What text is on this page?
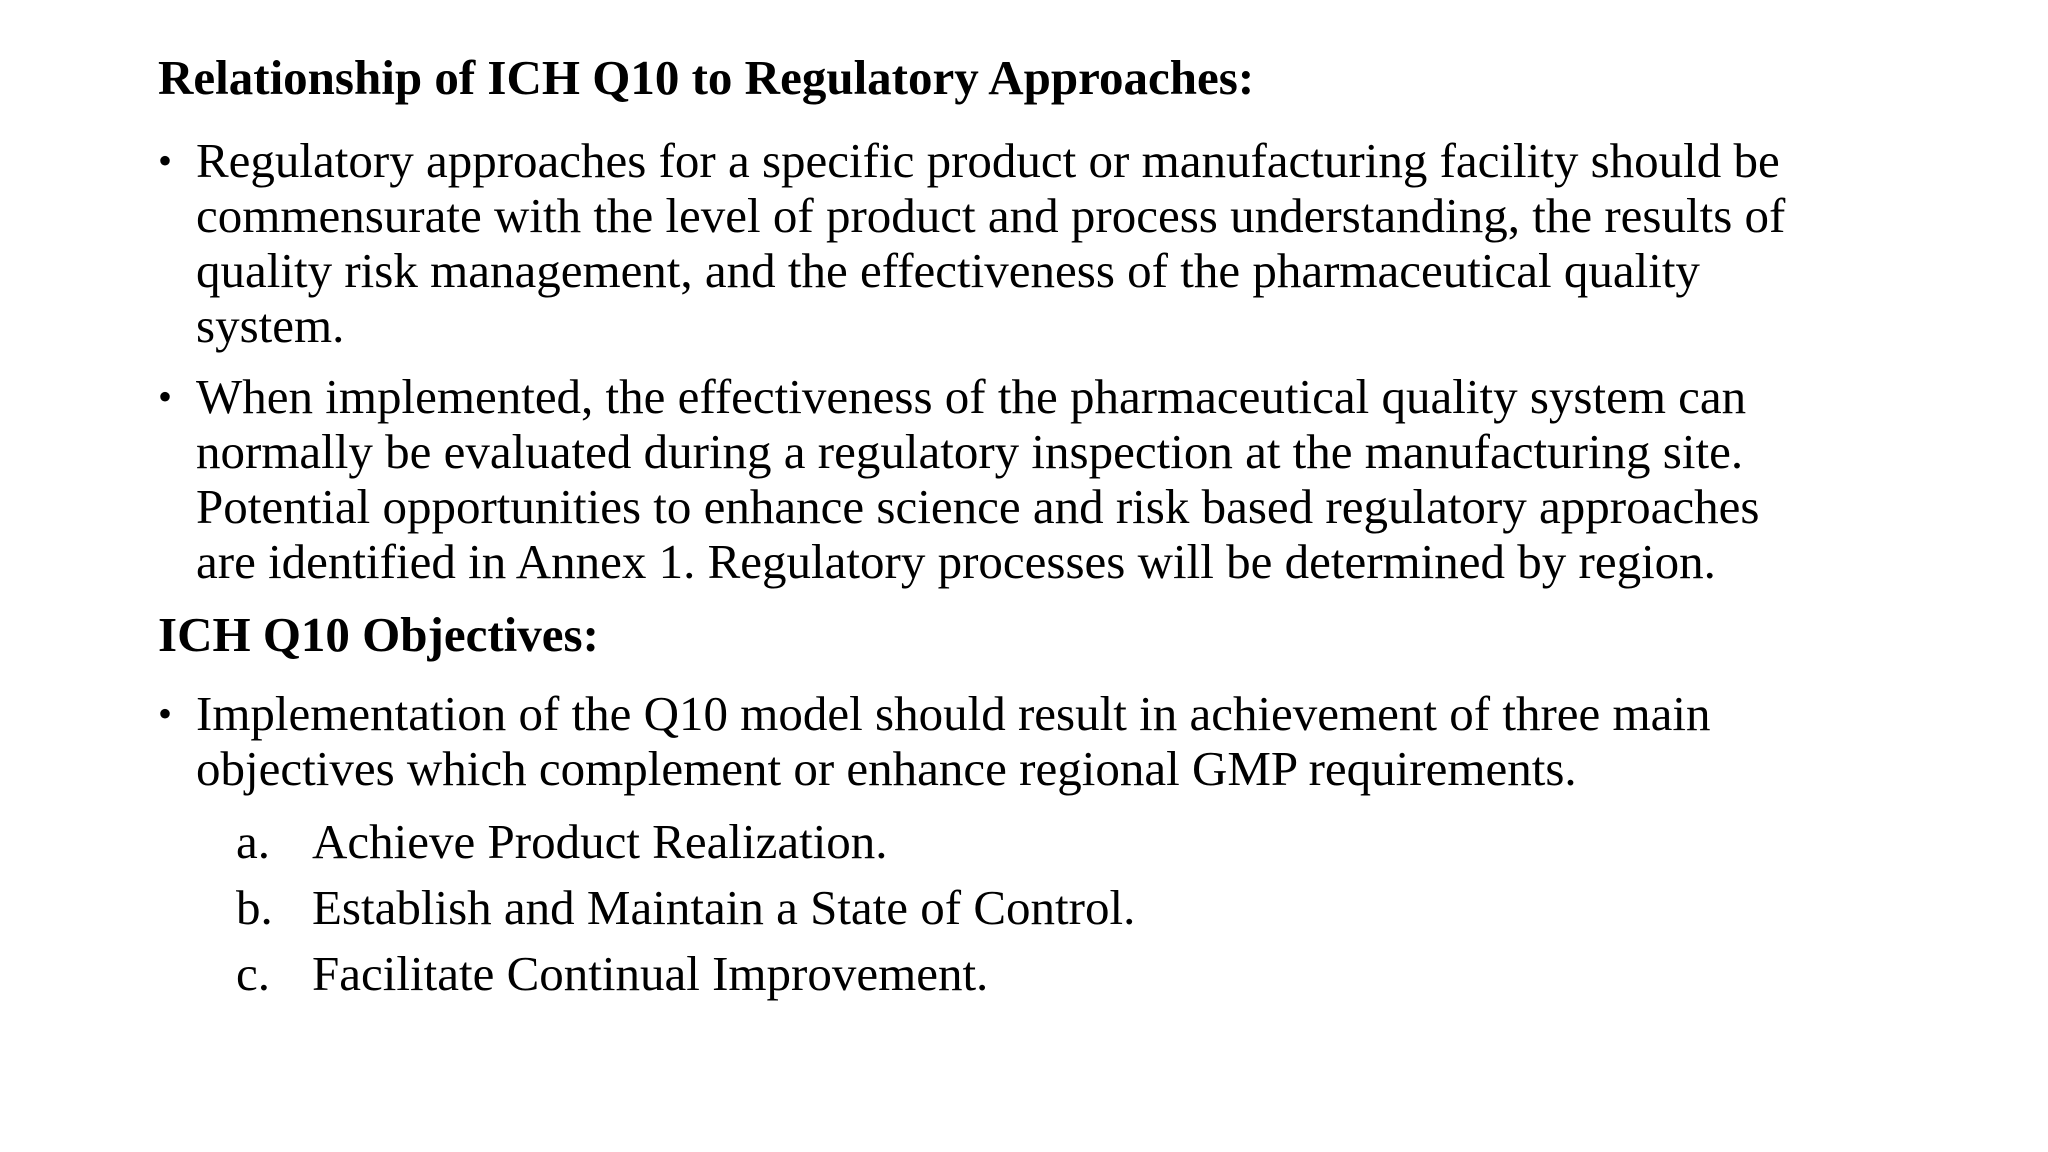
Relationship of ICH Q10 to Regulatory Approaches:
• Regulatory approaches for a specific product or manufacturing facility should be
commensurate with the level of product and process understanding, the results of
quality risk management, and the effectiveness of the pharmaceutical quality
system.
• When implemented, the effectiveness of the pharmaceutical quality system can
normally be evaluated during a regulatory inspection at the manufacturing site.
Potential opportunities to enhance science and risk based regulatory approaches
are identified in Annex 1. Regulatory processes will be determined by region.
ICH Q10 Objectives:
• Implementation of the Q10 model should result in achievement of three main
objectives which complement or enhance regional GMP requirements.
a. Achieve Product Realization.
b. Establish and Maintain a State of Control.
c. Facilitate Continual Improvement.
